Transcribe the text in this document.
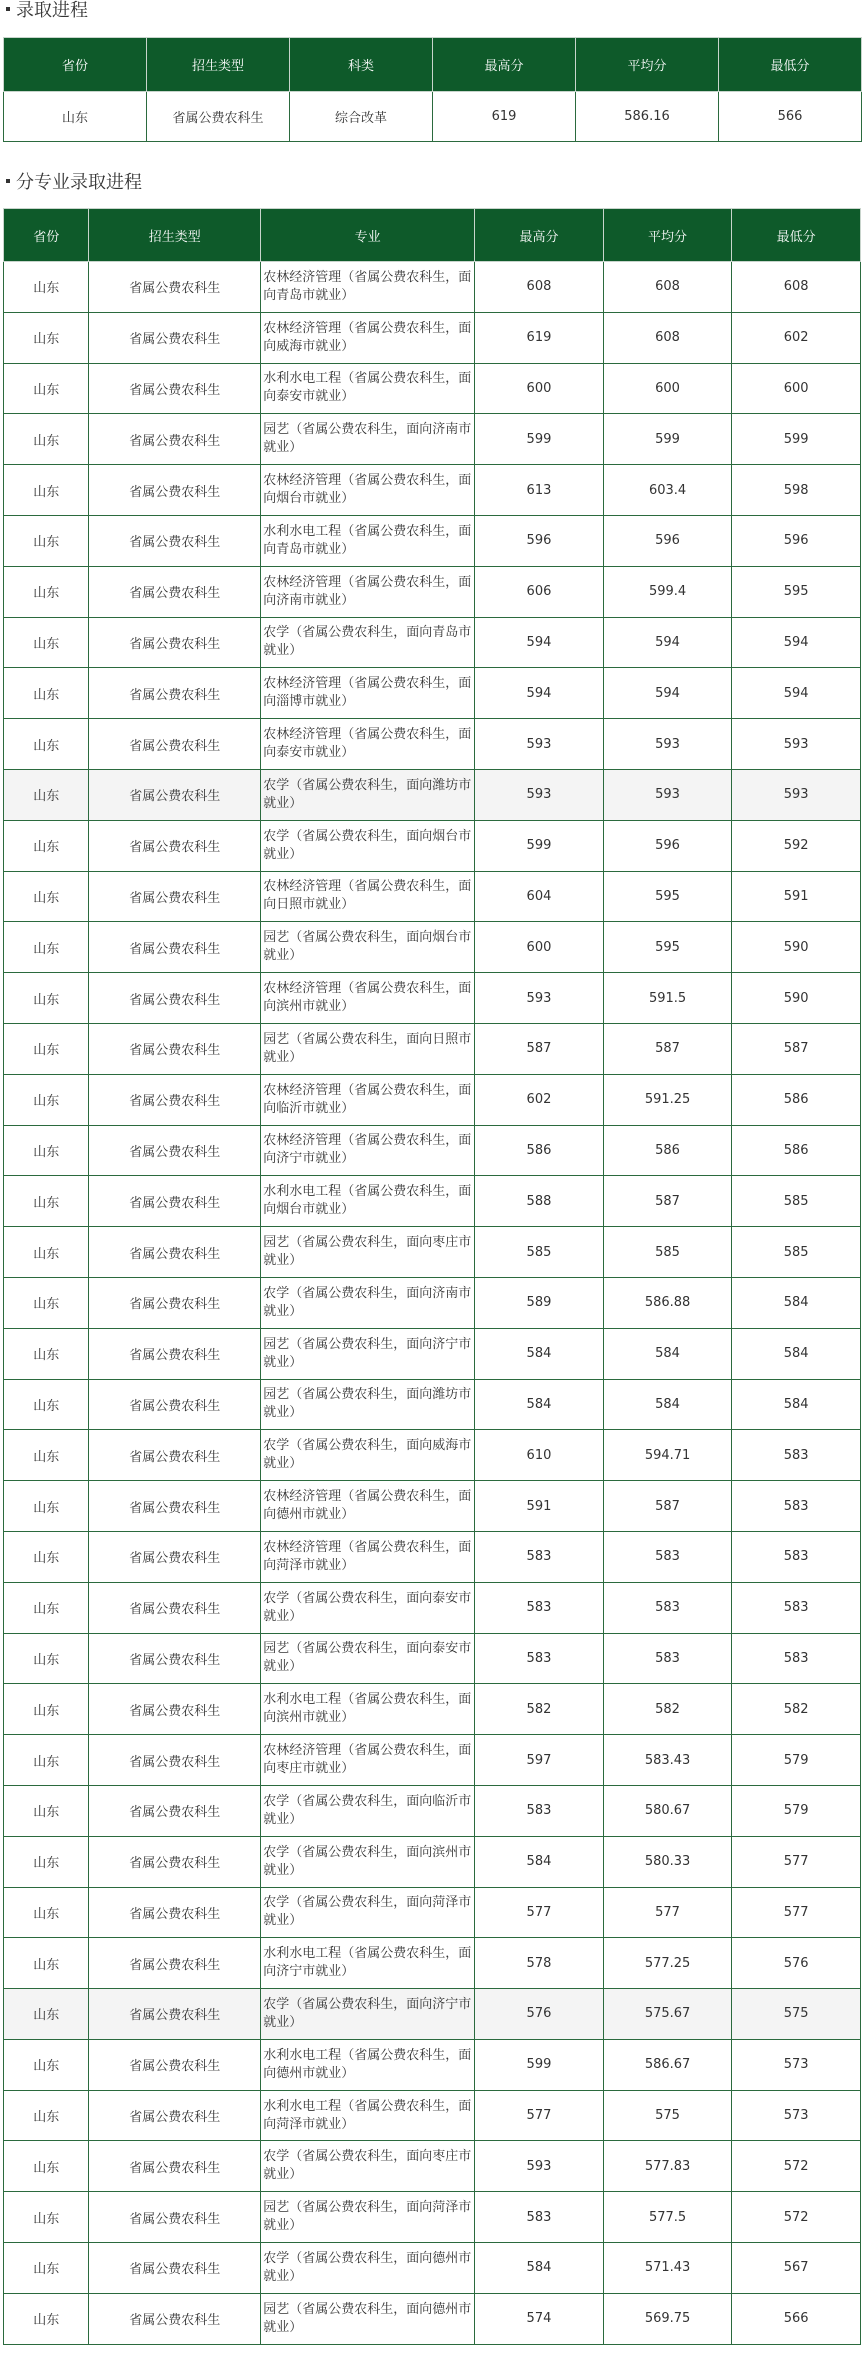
录取进程
省份	招生类型	科类	最高分	平均分	最低分
山东	省属公费农科生	综合改革	619	586.16	566
分专业录取进程
省份	招生类型	专业	最高分	平均分	最低分
山东	省属公费农科生	农林经济管理（省属公费农科生，面向青岛市就业）	608	608	608
山东	省属公费农科生	农林经济管理（省属公费农科生，面向威海市就业）	619	608	602
山东	省属公费农科生	水利水电工程（省属公费农科生，面向泰安市就业）	600	600	600
山东	省属公费农科生	园艺（省属公费农科生，面向济南市就业）	599	599	599
山东	省属公费农科生	农林经济管理（省属公费农科生，面向烟台市就业）	613	603.4	598
山东	省属公费农科生	水利水电工程（省属公费农科生，面向青岛市就业）	596	596	596
山东	省属公费农科生	农林经济管理（省属公费农科生，面向济南市就业）	606	599.4	595
山东	省属公费农科生	农学（省属公费农科生，面向青岛市就业）	594	594	594
山东	省属公费农科生	农林经济管理（省属公费农科生，面向淄博市就业）	594	594	594
山东	省属公费农科生	农林经济管理（省属公费农科生，面向泰安市就业）	593	593	593
山东	省属公费农科生	农学（省属公费农科生，面向潍坊市就业）	593	593	593
山东	省属公费农科生	农学（省属公费农科生，面向烟台市就业）	599	596	592
山东	省属公费农科生	农林经济管理（省属公费农科生，面向日照市就业）	604	595	591
山东	省属公费农科生	园艺（省属公费农科生，面向烟台市就业）	600	595	590
山东	省属公费农科生	农林经济管理（省属公费农科生，面向滨州市就业）	593	591.5	590
山东	省属公费农科生	园艺（省属公费农科生，面向日照市就业）	587	587	587
山东	省属公费农科生	农林经济管理（省属公费农科生，面向临沂市就业）	602	591.25	586
山东	省属公费农科生	农林经济管理（省属公费农科生，面向济宁市就业）	586	586	586
山东	省属公费农科生	水利水电工程（省属公费农科生，面向烟台市就业）	588	587	585
山东	省属公费农科生	园艺（省属公费农科生，面向枣庄市就业）	585	585	585
山东	省属公费农科生	农学（省属公费农科生，面向济南市就业）	589	586.88	584
山东	省属公费农科生	园艺（省属公费农科生，面向济宁市就业）	584	584	584
山东	省属公费农科生	园艺（省属公费农科生，面向潍坊市就业）	584	584	584
山东	省属公费农科生	农学（省属公费农科生，面向威海市就业）	610	594.71	583
山东	省属公费农科生	农林经济管理（省属公费农科生，面向德州市就业）	591	587	583
山东	省属公费农科生	农林经济管理（省属公费农科生，面向菏泽市就业）	583	583	583
山东	省属公费农科生	农学（省属公费农科生，面向泰安市就业）	583	583	583
山东	省属公费农科生	园艺（省属公费农科生，面向泰安市就业）	583	583	583
山东	省属公费农科生	水利水电工程（省属公费农科生，面向滨州市就业）	582	582	582
山东	省属公费农科生	农林经济管理（省属公费农科生，面向枣庄市就业）	597	583.43	579
山东	省属公费农科生	农学（省属公费农科生，面向临沂市就业）	583	580.67	579
山东	省属公费农科生	农学（省属公费农科生，面向滨州市就业）	584	580.33	577
山东	省属公费农科生	农学（省属公费农科生，面向菏泽市就业）	577	577	577
山东	省属公费农科生	水利水电工程（省属公费农科生，面向济宁市就业）	578	577.25	576
山东	省属公费农科生	农学（省属公费农科生，面向济宁市就业）	576	575.67	575
山东	省属公费农科生	水利水电工程（省属公费农科生，面向德州市就业）	599	586.67	573
山东	省属公费农科生	水利水电工程（省属公费农科生，面向菏泽市就业）	577	575	573
山东	省属公费农科生	农学（省属公费农科生，面向枣庄市就业）	593	577.83	572
山东	省属公费农科生	园艺（省属公费农科生，面向菏泽市就业）	583	577.5	572
山东	省属公费农科生	农学（省属公费农科生，面向德州市就业）	584	571.43	567
山东	省属公费农科生	园艺（省属公费农科生，面向德州市就业）	574	569.75	566
